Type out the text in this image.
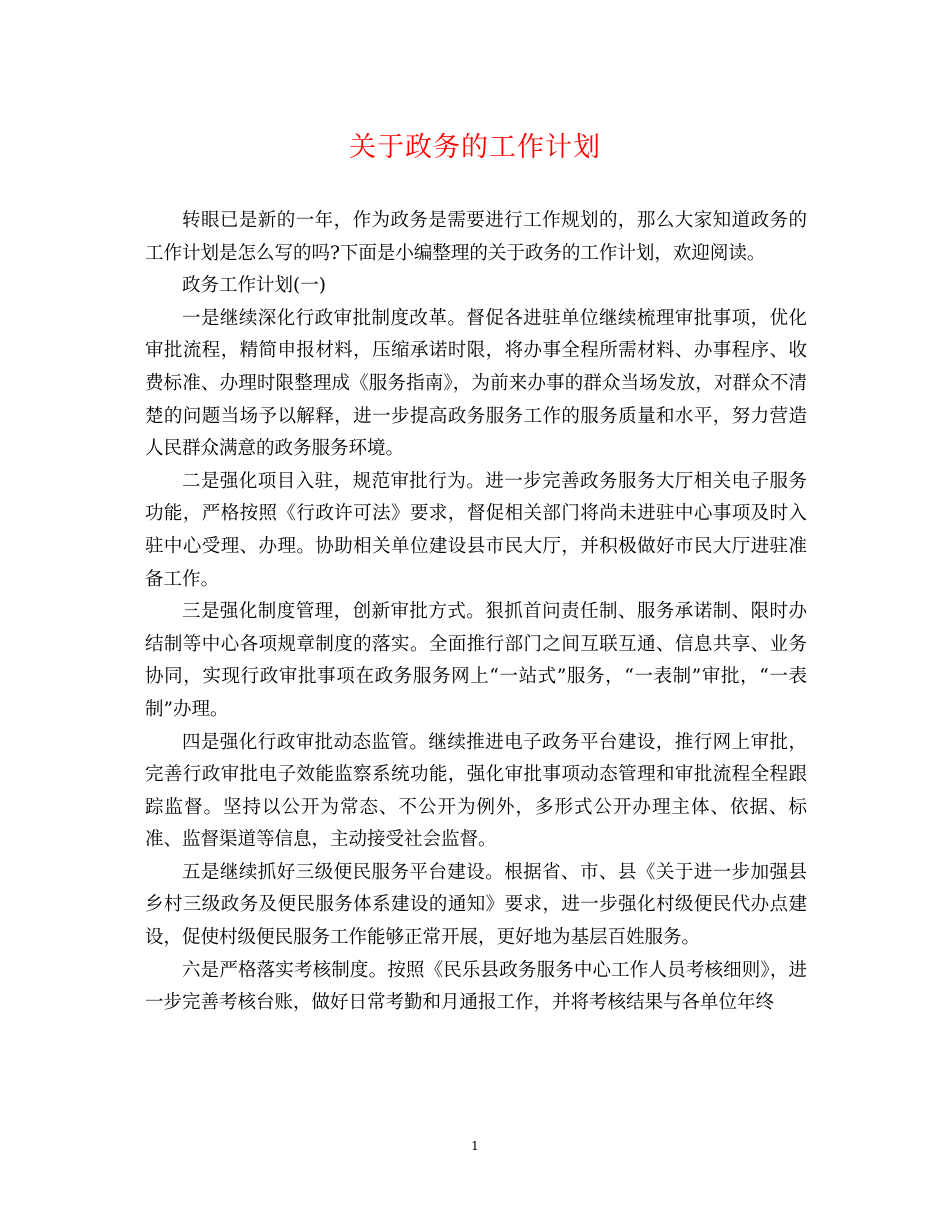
关于政务的工作计划

转眼已是新的一年，作为政务是需要进行工作规划的，那么大家知道政务的工作计划是怎么写的吗?下面是小编整理的关于政务的工作计划，欢迎阅读。

政务工作计划(一)

一是继续深化行政审批制度改革。督促各进驻单位继续梳理审批事项，优化审批流程，精简申报材料，压缩承诺时限，将办事全程所需材料、办事程序、收费标准、办理时限整理成《服务指南》，为前来办事的群众当场发放，对群众不清楚的问题当场予以解释，进一步提高政务服务工作的服务质量和水平，努力营造人民群众满意的政务服务环境。

二是强化项目入驻，规范审批行为。进一步完善政务服务大厅相关电子服务功能，严格按照《行政许可法》要求，督促相关部门将尚未进驻中心事项及时入驻中心受理、办理。协助相关单位建设县市民大厅，并积极做好市民大厅进驻准备工作。

三是强化制度管理，创新审批方式。狠抓首问责任制、服务承诺制、限时办结制等中心各项规章制度的落实。全面推行部门之间互联互通、信息共享、业务协同，实现行政审批事项在政务服务网上“一站式”服务，“一表制”审批，“一表制”办理。

四是强化行政审批动态监管。继续推进电子政务平台建设，推行网上审批，完善行政审批电子效能监察系统功能，强化审批事项动态管理和审批流程全程跟踪监督。坚持以公开为常态、不公开为例外，多形式公开办理主体、依据、标准、监督渠道等信息，主动接受社会监督。

五是继续抓好三级便民服务平台建设。根据省、市、县《关于进一步加强县乡村三级政务及便民服务体系建设的通知》要求，进一步强化村级便民代办点建设，促使村级便民服务工作能够正常开展，更好地为基层百姓服务。

六是严格落实考核制度。按照《民乐县政务服务中心工作人员考核细则》，进一步完善考核台账，做好日常考勤和月通报工作，并将考核结果与各单位年终

1
